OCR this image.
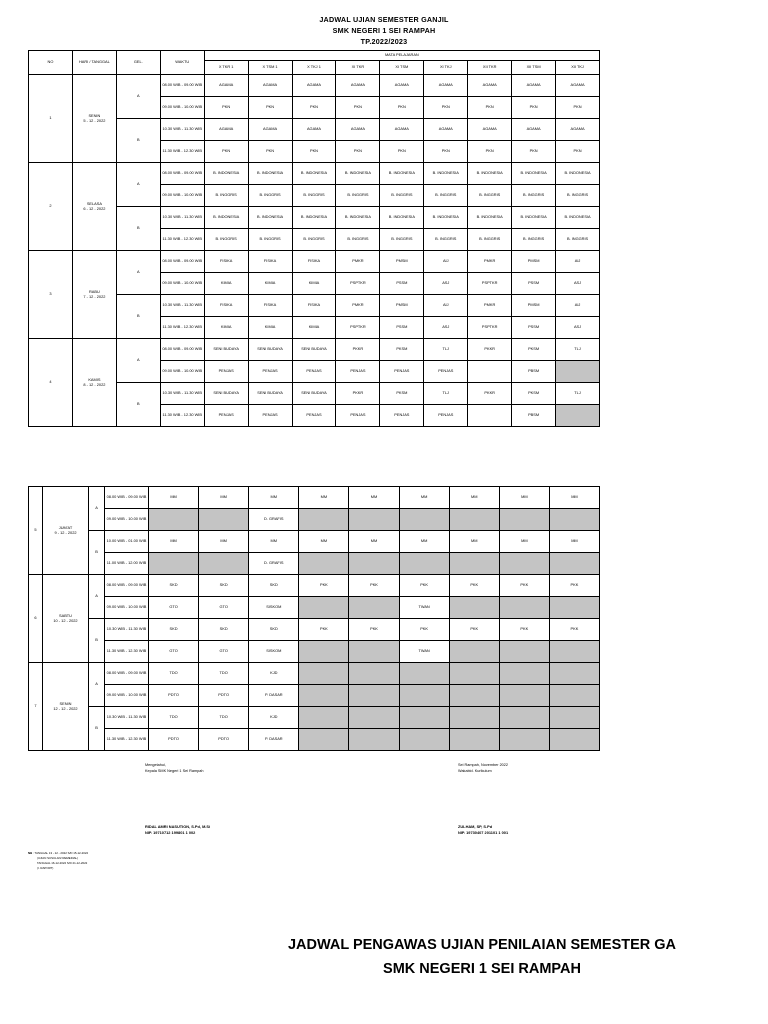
JADWAL UJIAN SEMESTER GANJIL
SMK NEGERI 1 SEI RAMPAH
TP.2022/2023
NO	HARI / TANGGAL	GEL.	WAKTU	MATA PELAJARAN								
				X TKR 1	X TSM 1	X TKJ 1	XI TKR	XI TSM	XI TKJ	XII TKR	XII TSM	XII TKJ
1	SENIN
5 - 12 - 2022	A	08.00 WIB - 09.00 WIB	AGAMA	AGAMA	AGAMA	AGAMA	AGAMA	AGAMA	AGAMA	AGAMA	AGAMA
			09.00 WIB - 10.00 WIB	PKN	PKN	PKN	PKN	PKN	PKN	PKN	PKN	PKN
		B	10.30 WIB - 11.30 WIB	AGAMA	AGAMA	AGAMA	AGAMA	AGAMA	AGAMA	AGAMA	AGAMA	AGAMA
			11.30 WIB - 12.30 WIB	PKN	PKN	PKN	PKN	PKN	PKN	PKN	PKN	PKN
2	SELASA
6 - 12 - 2022	A	08.00 WIB - 09.00 WIB	B. INDONESIA	B. INDONESIA	B. INDONESIA	B. INDONESIA	B. INDONESIA	B. INDONESIA	B. INDONESIA	B. INDONESIA	B. INDONESIA
			09.00 WIB - 10.00 WIB	B. INGGRIS	B. INGGRIS	B. INGGRIS	B. INGGRIS	B. INGGRIS	B. INGGRIS	B. INGGRIS	B. INGGRIS	B. INGGRIS
		B	10.30 WIB - 11.30 WIB	B. INDONESIA	B. INDONESIA	B. INDONESIA	B. INDONESIA	B. INDONESIA	B. INDONESIA	B. INDONESIA	B. INDONESIA	B. INDONESIA
			11.30 WIB - 12.30 WIB	B. INGGRIS	B. INGGRIS	B. INGGRIS	B. INGGRIS	B. INGGRIS	B. INGGRIS	B. INGGRIS	B. INGGRIS	B. INGGRIS
3	RABU
7 - 12 - 2022	A	08.00 WIB - 09.00 WIB	FISIKA	FISIKA	FISIKA	PMKR	PMSM	AIJ	PMKR	PMSM	AIJ
			09.00 WIB - 10.00 WIB	KIMIA	KIMIA	KIMIA	PSPTKR	PSSM	ASJ	PSPTKR	PSSM	ASJ
		B	10.30 WIB - 11.30 WIB	FISIKA	FISIKA	FISIKA	PMKR	PMSM	AIJ	PMKR	PMSM	AIJ
			11.30 WIB - 12.30 WIB	KIMIA	KIMIA	KIMIA	PSPTKR	PSSM	ASJ	PSPTKR	PSSM	ASJ
4	KAMIS
8 - 12 - 2022	A	08.00 WIB - 09.00 WIB	SENI BUDAYA	SENI BUDAYA	SENI BUDAYA	PKKR	PKSM	TLJ	PKKR	PKSM	TLJ
			09.00 WIB - 10.00 WIB	PENJAS	PENJAS	PENJAS	PENJAS	PENJAS	PENJAS		PBSM	
		B	10.30 WIB - 11.30 WIB	SENI BUDAYA	SENI BUDAYA	SENI BUDAYA	PKKR	PKSM	TLJ	PKKR	PKSM	TLJ
			11.30 WIB - 12.30 WIB	PENJAS	PENJAS	PENJAS	PENJAS	PENJAS	PENJAS		PBSM	
5	JUM'AT
9 - 12 - 2022	A	08.00 WIB - 09.00 WIB	MM	MM	MM	MM	MM	MM	MM	MM	MM
			09.00 WIB - 10.00 WIB			D. GRAFIS						
		B	10.00 WIB - 01.00 WIB	MM	MM	MM	MM	MM	MM	MM	MM	MM
			11.00 WIB - 12.00 WIB			D. GRAFIS						
6	SABTU
10 - 12 - 2022	A	08.00 WIB - 09.00 WIB	SKD	SKD	SKD	PKK	PKK	PKK	PKK	PKK	PKK
			09.00 WIB - 10.00 WIB	GTO	GTO	SISKOM			TWAN			
		B	10.30 WIB - 11.30 WIB	SKD	SKD	SKD	PKK	PKK	PKK	PKK	PKK	PKK
			11.30 WIB - 12.30 WIB	GTO	GTO	SISKOM			TWAN			
7	SENIN
12 - 12 - 2022	A	08.00 WIB - 09.00 WIB	TDO	TDO	KJD						
			09.00 WIB - 10.00 WIB	PDTO	PDTO	P. DASAR						
		B	10.30 WIB - 11.30 WIB	TDO	TDO	KJD						
			11.30 WIB - 12.30 WIB	PDTO	PDTO	P. DASAR						
Mengetahui,
Kepala SMK Negeri 1 Sei Rampah
RIDAL AMRI NASUTION, S.Pd, M.Si
NIP. 19710712 199801 1 002
Sei Rampah, November 2022
Wakabid. Kurikulum
ZULHAM, SP, S.Pd
NIP. 19730407 201101 1 001
NB : TANGGAL 13 - 12 - 2022 S/D 15-12-2022
(UJIAN SUSULAN/ REMEDIAL)
TANGGAL 16-12-2022 S/D 21-12-2022
(I. RAPORT)
JADWAL PENGAWAS UJIAN PENILAIAN SEMESTER GA
SMK NEGERI 1 SEI RAMPAH
